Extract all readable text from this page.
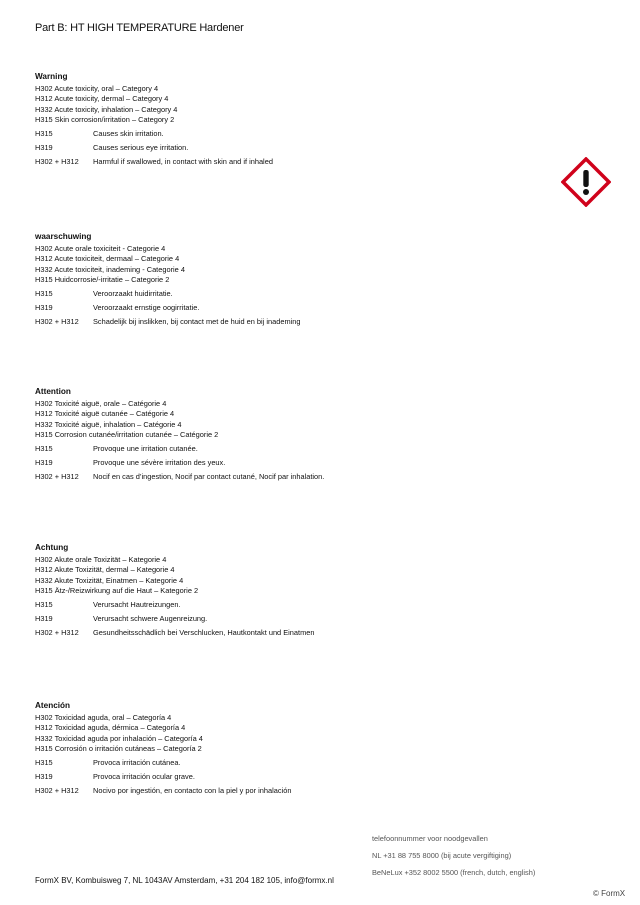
Part B: HT HIGH TEMPERATURE Hardener
Warning
H302 Acute toxicity, oral – Category 4
H312 Acute toxicity, dermal – Category 4
H332 Acute toxicity, inhalation – Category 4
H315 Skin corrosion/irritation – Category 2
H315	Causes skin irritation.
H319	Causes serious eye irritation.
H302 + H312	Harmful if swallowed, in contact with skin and if inhaled
waarschuwing
H302 Acute orale toxiciteit - Categorie 4
H312 Acute toxiciteit, dermaal – Categorie 4
H332 Acute toxiciteit, inademing - Categorie 4
H315 Huidcorrosie/-irritatie – Categorie 2
H315	Veroorzaakt huidirritatie.
H319	Veroorzaakt ernstige oogirritatie.
H302 + H312	Schadelijk bij inslikken, bij contact met de huid en bij inademing
Attention
H302 Toxicité aiguë, orale – Catégorie 4
H312 Toxicité aiguë cutanée – Catégorie 4
H332 Toxicité aiguë, inhalation – Catégorie 4
H315 Corrosion cutanée/irritation cutanée – Catégorie 2
H315	Provoque une irritation cutanée.
H319	Provoque une sévère irritation des yeux.
H302 + H312	Nocif en cas d’ingestion, Nocif par contact cutané, Nocif par inhalation.
Achtung
H302 Akute orale Toxizität – Kategorie 4
H312 Akute Toxizität, dermal – Kategorie 4
H332 Akute Toxizität, Einatmen – Kategorie 4
H315 Ätz-/Reizwirkung auf die Haut – Kategorie 2
H315	Verursacht Hautreizungen.
H319	Verursacht schwere Augenreizung.
H302 + H312	Gesundheitsschädlich bei Verschlucken, Hautkontakt und Einatmen
Atención
H302 Toxicidad aguda, oral – Categoría 4
H312 Toxicidad aguda, dérmica – Categoría 4
H332 Toxicidad aguda por inhalación – Categoría 4
H315 Corrosión o irritación cutáneas – Categoría 2
H315	Provoca irritación cutánea.
H319	Provoca irritación ocular grave.
H302 + H312	Nocivo por ingestión, en contacto con la piel y por inhalación
telefoonnummer voor noodgevallen
NL +31 88 755 8000 (bij acute vergiftiging)
BeNeLux +352 8002 5500 (french, dutch, english)
FormX BV, Kombuisweg 7, NL 1043AV Amsterdam, +31 204 182 105, info@formx.nl
© FormX
